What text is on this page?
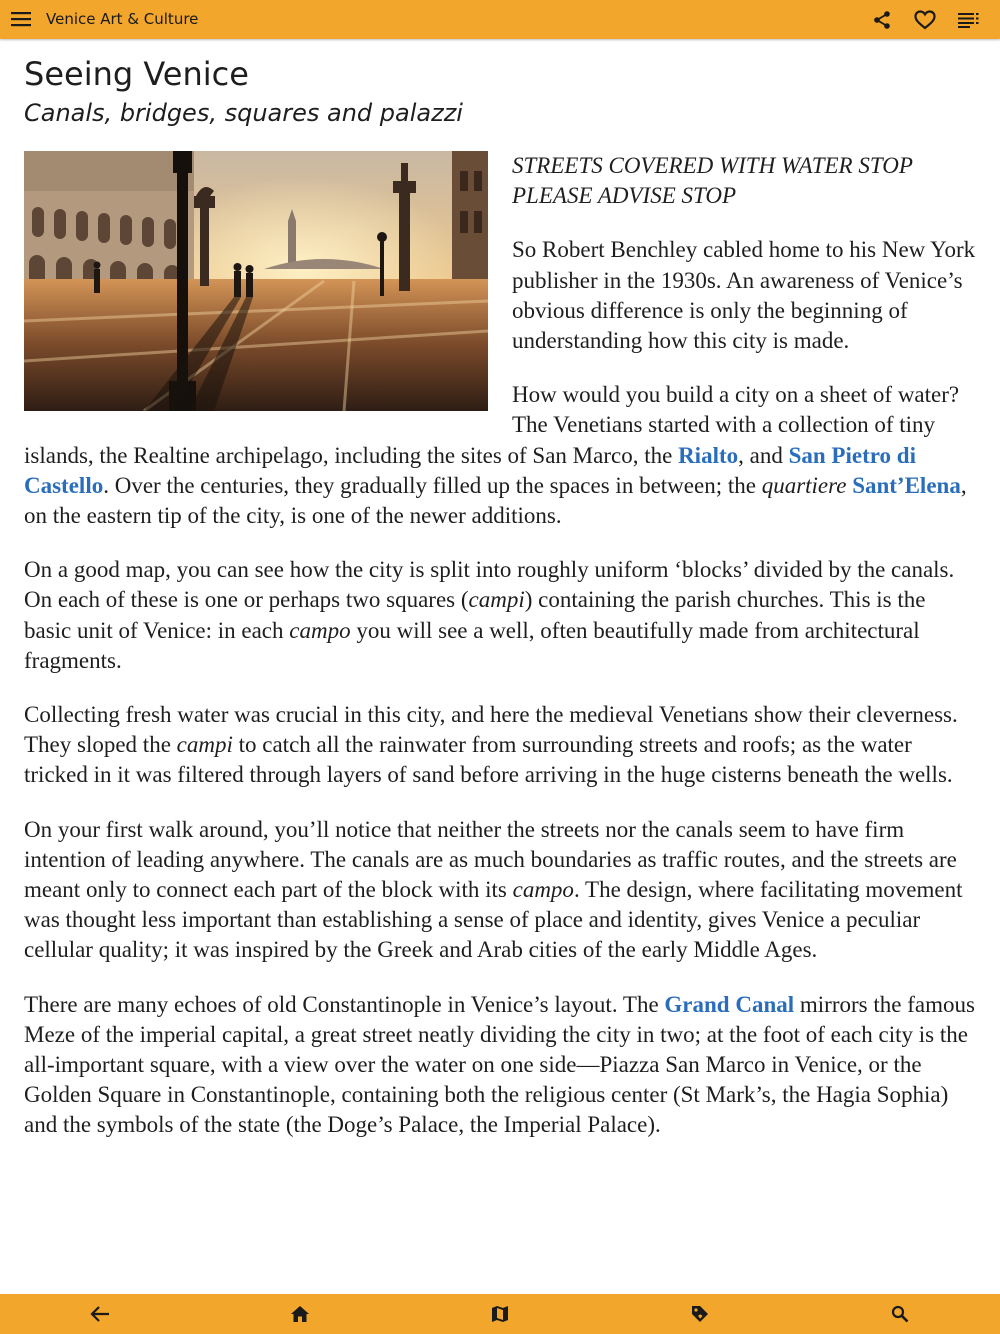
Venice Art & Culture
Seeing Venice
Canals, bridges, squares and palazzi

STREETS COVERED WITH WATER STOP
PLEASE ADVISE STOP

So Robert Benchley cabled home to his New York publisher in the 1930s. An awareness of Venice’s obvious difference is only the beginning of understanding how this city is made.

How would you build a city on a sheet of water? The Venetians started with a collection of tiny islands, the Realtine archipelago, including the sites of San Marco, the Rialto, and San Pietro di Castello. Over the centuries, they gradually filled up the spaces in between; the quartiere Sant’Elena, on the eastern tip of the city, is one of the newer additions.

On a good map, you can see how the city is split into roughly uniform ‘blocks’ divided by the canals. On each of these is one or perhaps two squares (campi) containing the parish churches. This is the basic unit of Venice: in each campo you will see a well, often beautifully made from architectural fragments.

Collecting fresh water was crucial in this city, and here the medieval Venetians show their cleverness. They sloped the campi to catch all the rainwater from surrounding streets and roofs; as the water tricked in it was filtered through layers of sand before arriving in the huge cisterns beneath the wells.

On your first walk around, you’ll notice that neither the streets nor the canals seem to have firm intention of leading anywhere. The canals are as much boundaries as traffic routes, and the streets are meant only to connect each part of the block with its campo. The design, where facilitating movement was thought less important than establishing a sense of place and identity, gives Venice a peculiar cellular quality; it was inspired by the Greek and Arab cities of the early Middle Ages.

There are many echoes of old Constantinople in Venice’s layout. The Grand Canal mirrors the famous Meze of the imperial capital, a great street neatly dividing the city in two; at the foot of each city is the all-important square, with a view over the water on one side—Piazza San Marco in Venice, or the Golden Square in Constantinople, containing both the religious center (St Mark’s, the Hagia Sophia) and the symbols of the state (the Doge’s Palace, the Imperial Palace).
